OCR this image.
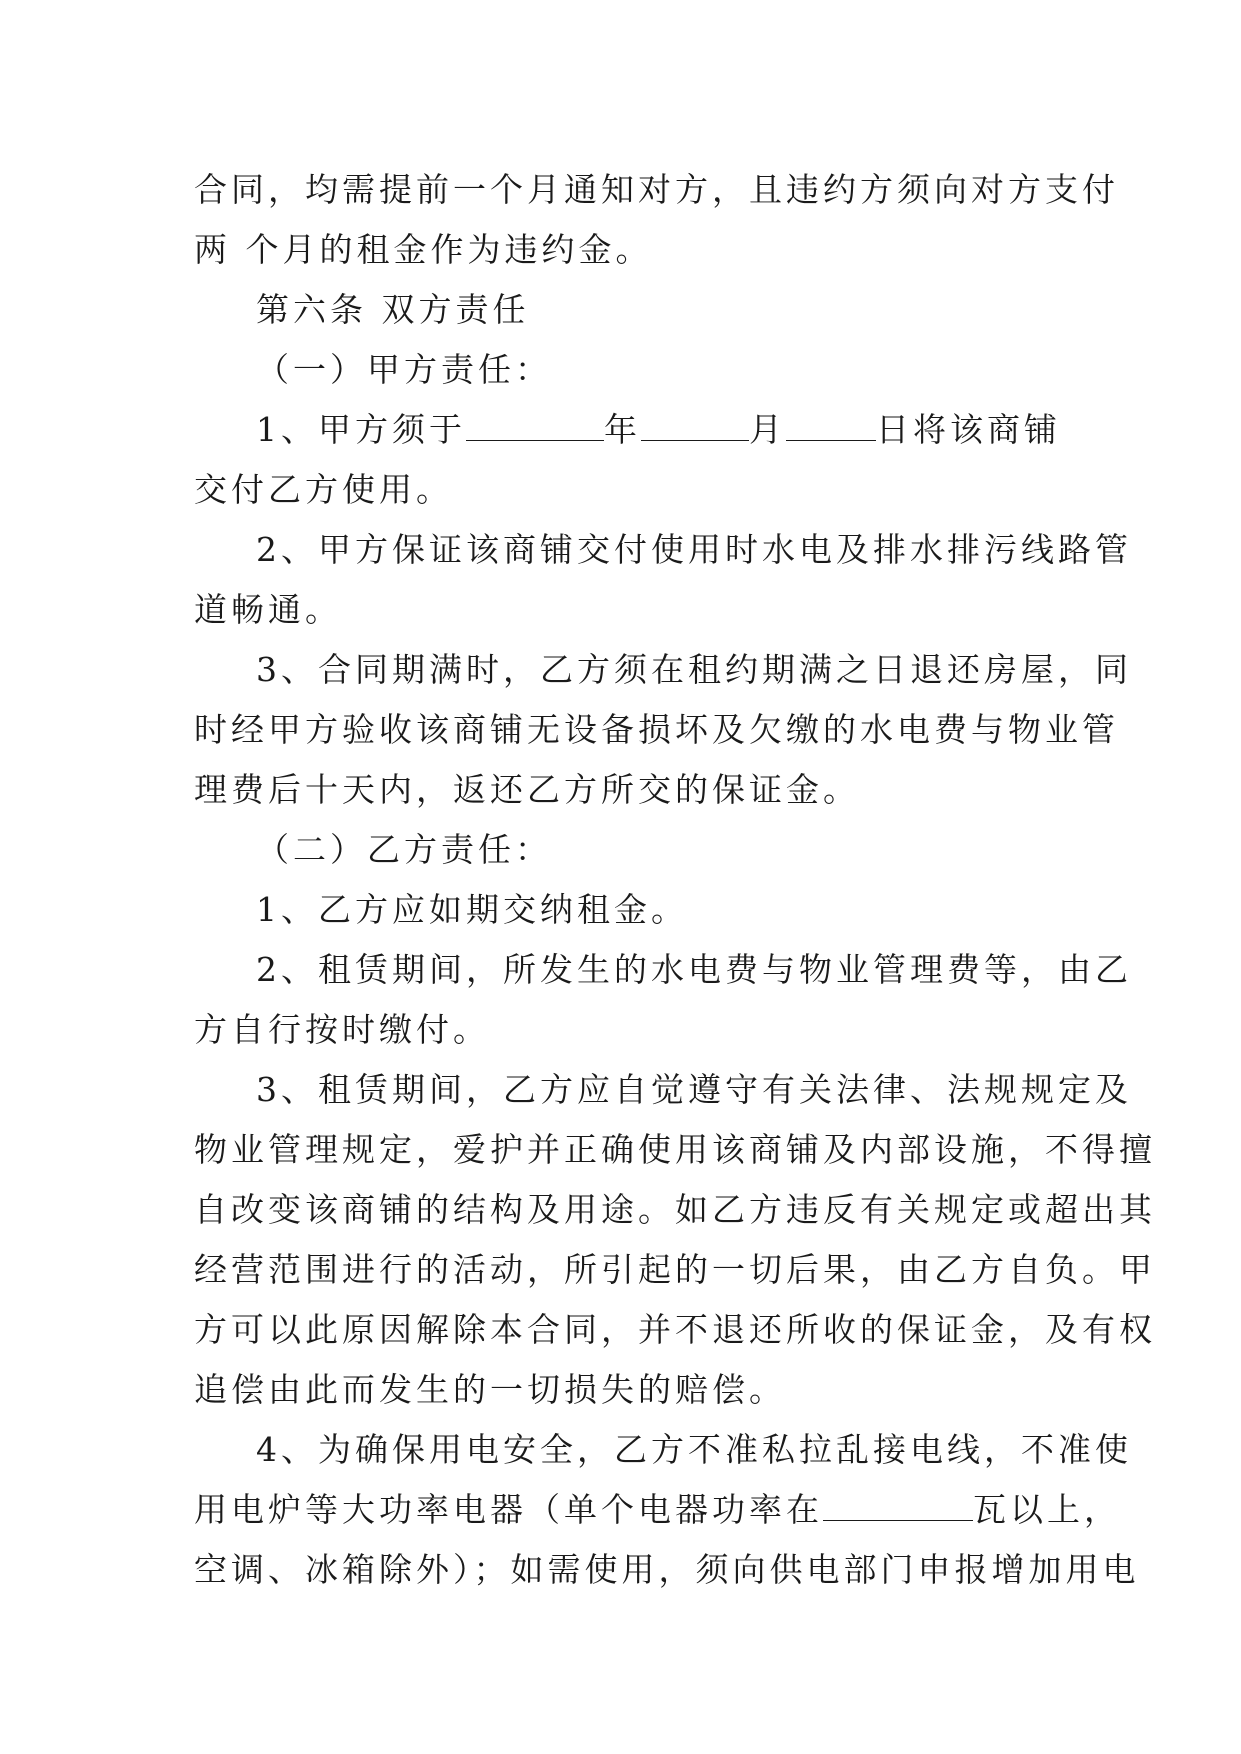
合同，均需提前一个月通知对方，且违约方须向对方支付
两 个月的租金作为违约金。
第六条 双方责任
（一）甲方责任：
1、甲方须于	年	月	日将该商铺
交付乙方使用。
2、甲方保证该商铺交付使用时水电及排水排污线路管
道畅通。
3、合同期满时，乙方须在租约期满之日退还房屋，同
时经甲方验收该商铺无设备损坏及欠缴的水电费与物业管
理费后十天内，返还乙方所交的保证金。
（二）乙方责任：
1、乙方应如期交纳租金。
2、租赁期间，所发生的水电费与物业管理费等，由乙
方自行按时缴付。
3、租赁期间，乙方应自觉遵守有关法律、法规规定及
物业管理规定，爱护并正确使用该商铺及内部设施，不得擅
自改变该商铺的结构及用途。如乙方违反有关规定或超出其
经营范围进行的活动，所引起的一切后果，由乙方自负。甲
方可以此原因解除本合同，并不退还所收的保证金，及有权
追偿由此而发生的一切损失的赔偿。
4、为确保用电安全，乙方不准私拉乱接电线，不准使
用电炉等大功率电器（单个电器功率在	瓦以上，
空调、冰箱除外）；如需使用，须向供电部门申报增加用电
